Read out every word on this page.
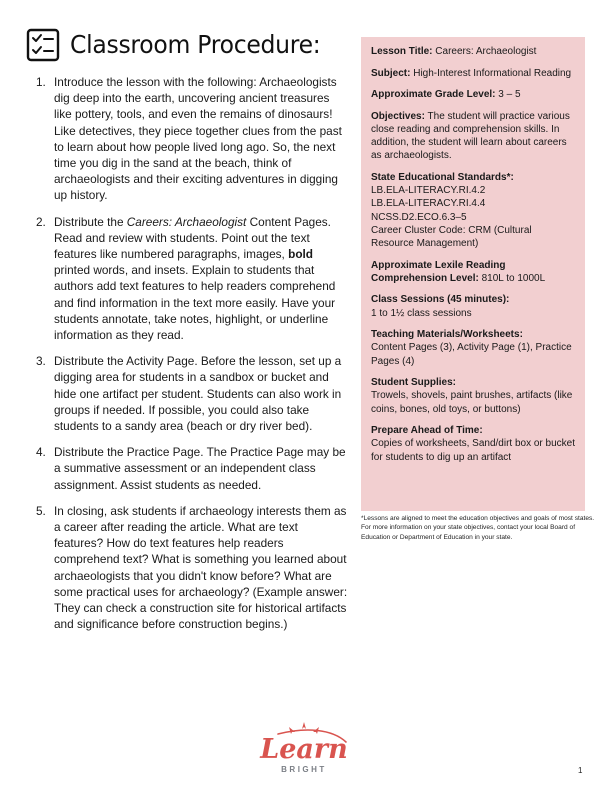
Classroom Procedure:
1. Introduce the lesson with the following: Archaeologists dig deep into the earth, uncovering ancient treasures like pottery, tools, and even the remains of dinosaurs! Like detectives, they piece together clues from the past to learn about how people lived long ago. So, the next time you dig in the sand at the beach, think of archaeologists and their exciting adventures in digging up history.

2. Distribute the Careers: Archaeologist Content Pages. Read and review with students. Point out the text features like numbered paragraphs, images, bold printed words, and insets. Explain to students that authors add text features to help readers comprehend and find information in the text more easily. Have your students annotate, take notes, highlight, or underline information as they read.

3. Distribute the Activity Page. Before the lesson, set up a digging area for students in a sandbox or bucket and hide one artifact per student. Students can also work in groups if needed. If possible, you could also take students to a sandy area (beach or dry river bed).

4. Distribute the Practice Page. The Practice Page may be a summative assessment or an independent class assignment. Assist students as needed.

5. In closing, ask students if archaeology interests them as a career after reading the article. What are text features? How do text features help readers comprehend text? What is something you learned about archaeologists that you didn't know before? What are some practical uses for archaeology? (Example answer: They can check a construction site for historical artifacts and significance before construction begins.)

Lesson Title: Careers: Archaeologist
Subject: High-Interest Informational Reading
Approximate Grade Level: 3 – 5
Objectives: The student will practice various close reading and comprehension skills. In addition, the student will learn about careers as archaeologists.
State Educational Standards*:
LB.ELA-LITERACY.RI.4.2
LB.ELA-LITERACY.RI.4.4
NCSS.D2.ECO.6.3–5
Career Cluster Code: CRM (Cultural Resource Management)
Approximate Lexile Reading Comprehension Level: 810L to 1000L
Class Sessions (45 minutes):
1 to 1½ class sessions
Teaching Materials/Worksheets:
Content Pages (3), Activity Page (1), Practice Pages (4)
Student Supplies:
Trowels, shovels, paint brushes, artifacts (like coins, bones, old toys, or buttons)
Prepare Ahead of Time:
Copies of worksheets, Sand/dirt box or bucket for students to dig up an artifact
*Lessons are aligned to meet the education objectives and goals of most states. For more information on your state objectives, contact your local Board of Education or Department of Education in your state.
Learn
BRIGHT	1
